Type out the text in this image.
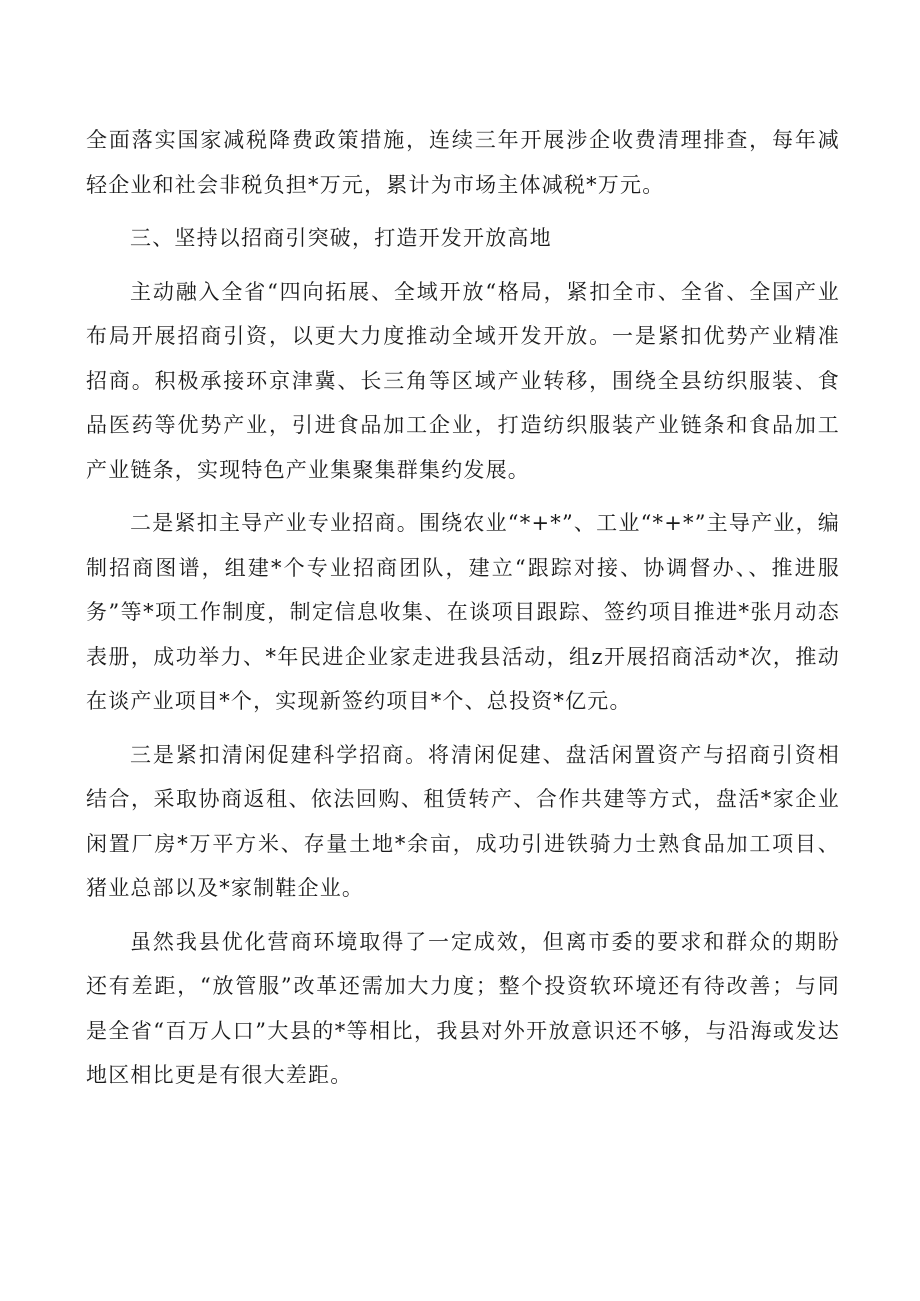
全面落实国家减税降费政策措施，连续三年开展涉企收费清理排查，每年减轻企业和社会非税负担*万元，累计为市场主体减税*万元。

三、坚持以招商引突破，打造开发开放高地

主动融入全省“四向拓展、全域开放“格局，紧扣全市、全省、全国产业布局开展招商引资，以更大力度推动全域开发开放。一是紧扣优势产业精准招商。积极承接环京津冀、长三角等区域产业转移，围绕全县纺织服装、食品医药等优势产业，引进食品加工企业，打造纺织服装产业链条和食品加工产业链条，实现特色产业集聚集群集约发展。

二是紧扣主导产业专业招商。围绕农业“*+*”、工业“*+*”主导产业，编制招商图谱，组建*个专业招商团队，建立“跟踪对接、协调督办、、推进服务”等*项工作制度，制定信息收集、在谈项目跟踪、签约项目推进*张月动态表册，成功举力、*年民进企业家走进我县活动，组z开展招商活动*次，推动在谈产业项目*个，实现新签约项目*个、总投资*亿元。

三是紧扣清闲促建科学招商。将清闲促建、盘活闲置资产与招商引资相结合，采取协商返租、依法回购、租赁转产、合作共建等方式，盘活*家企业闲置厂房*万平方米、存量土地*余亩，成功引进铁骑力士熟食品加工项目、猪业总部以及*家制鞋企业。

虽然我县优化营商环境取得了一定成效，但离市委的要求和群众的期盼还有差距，“放管服”改革还需加大力度；整个投资软环境还有待改善；与同是全省“百万人口”大县的*等相比，我县对外开放意识还不够，与沿海或发达地区相比更是有很大差距。
